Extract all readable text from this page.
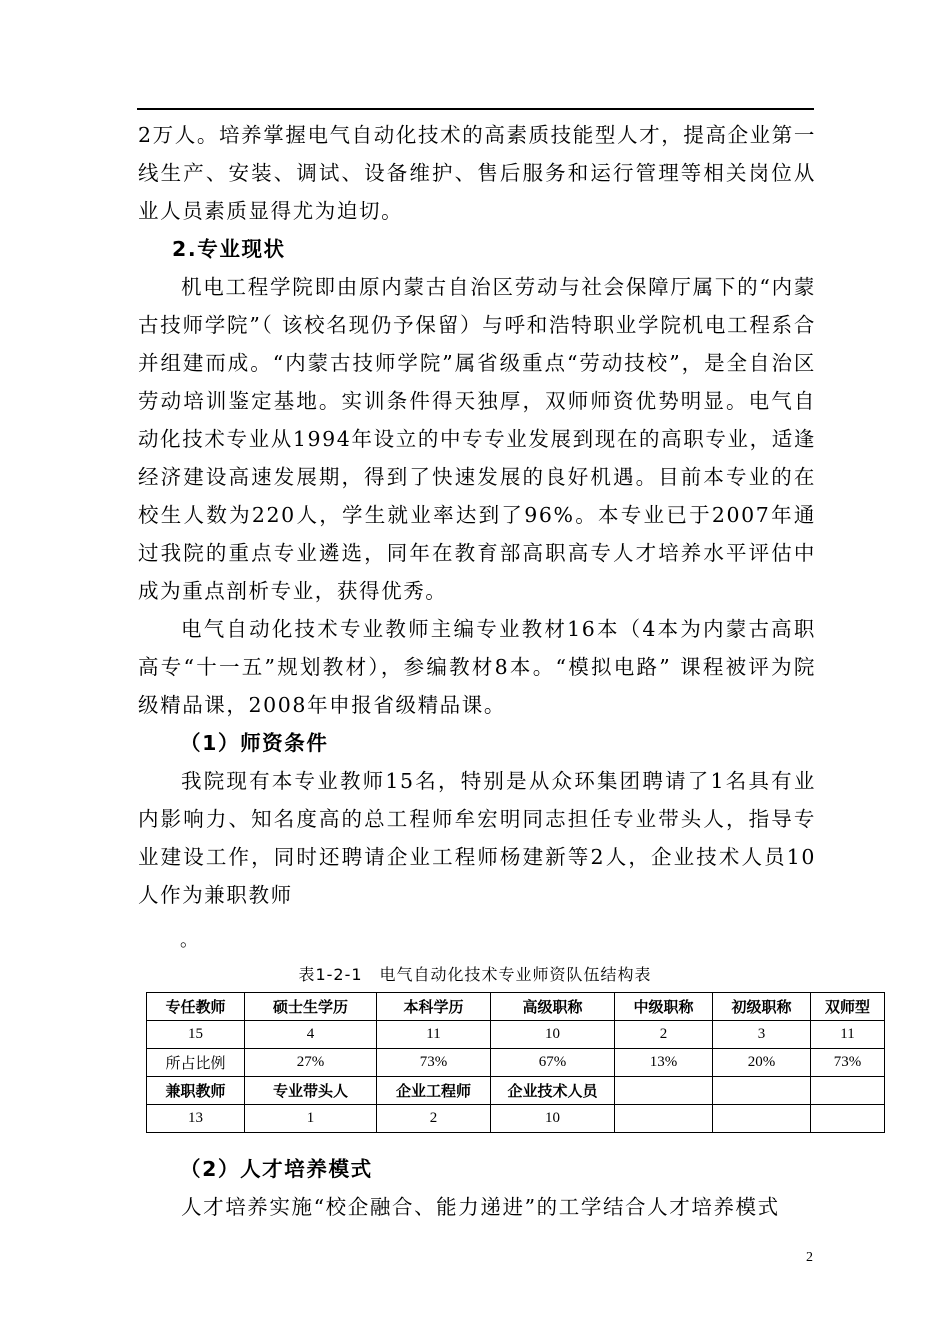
2万人。培养掌握电气自动化技术的高素质技能型人才，提高企业第一线生产、安装、调试、设备维护、售后服务和运行管理等相关岗位从业人员素质显得尤为迫切。

2.专业现状

机电工程学院即由原内蒙古自治区劳动与社会保障厅属下的“内蒙古技师学院”（ 该校名现仍予保留）与呼和浩特职业学院机电工程系合并组建而成。“内蒙古技师学院”属省级重点“劳动技校”，是全自治区劳动培训鉴定基地。实训条件得天独厚，双师师资优势明显。电气自动化技术专业从1994年设立的中专专业发展到现在的高职专业，适逢经济建设高速发展期，得到了快速发展的良好机遇。目前本专业的在校生人数为220人，学生就业率达到了96%。本专业已于2007年通过我院的重点专业遴选，同年在教育部高职高专人才培养水平评估中成为重点剖析专业，获得优秀。

电气自动化技术专业教师主编专业教材16本（4本为内蒙古高职高专“十一五”规划教材），参编教材8本。“模拟电路” 课程被评为院级精品课，2008年申报省级精品课。

（1）师资条件

我院现有本专业教师15名，特别是从众环集团聘请了1名具有业内影响力、知名度高的总工程师牟宏明同志担任专业带头人，指导专业建设工作，同时还聘请企业工程师杨建新等2人，企业技术人员10人作为兼职教师

。
表1-2-1　电气自动化技术专业师资队伍结构表
专任教师	硕士生学历	本科学历	高级职称	中级职称	初级职称	双师型
15	4	11	10	2	3	11
所占比例	27%	73%	67%	13%	20%	73%
兼职教师	专业带头人	企业工程师	企业技术人员			
13	1	2	10			

（2）人才培养模式

人才培养实施“校企融合、能力递进”的工学结合人才培养模式

2
